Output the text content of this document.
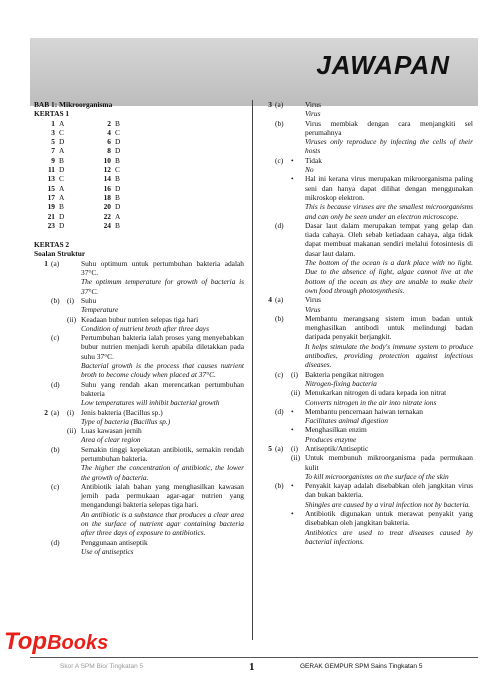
JAWAPAN
BAB 1: Mikroorganisma
KERTAS 1
1 A	2 B
3 C	4 C
5 D	6 D
7 A	8 D
9 B	10 B
11 D	12 C
13 C	14 B
15 A	16 D
17 A	18 B
19 B	20 D
21 D	22 A
23 D	24 B
KERTAS 2
Soalan Struktur
1 (a)	Suhu optimum untuk pertumbuhan bakteria adalah 37°C.
The optimum temperature for growth of bacteria is 37°C.
(b) (i) Suhu
Temperature
(ii) Keadaan bubur nutrien selepas tiga hari
Condition of nutrient broth after three days
(c)	Pertumbuhan bakteria ialah proses yang menyebabkan bubur nutrien menjadi keruh apabila diletakkan pada suhu 37°C.
Bacterial growth is the process that causes nutrient broth to become cloudy when placed at 37°C.
(d)	Suhu yang rendah akan merencatkan pertumbuhan bakteria
Low temperatures will inhibit bacterial growth
2 (a)	(i) Jenis bakteria (Bacillus sp.)
Type of bacteria (Bacillus sp.)
(ii) Luas kawasan jernih
Area of clear region
(b)	Semakin tinggi kepekatan antibiotik, semakin rendah pertumbuhan bakteria.
The higher the concentration of antibiotic, the lower the growth of bacteria.
(c)	Antibiotik ialah bahan yang menghasilkan kawasan jernih pada permukaan agar-agar nutrien yang mengandungi bakteria selepas tiga hari.
An antibiotic is a substance that produces a clear area on the surface of nutrient agar containing bacteria after three days of exposure to antibiotics.
(d)	Penggunaan antiseptik
Use of antiseptics
3 (a)	Virus
Virus
(b)	Virus membiak dengan cara menjangkiti sel perumahnya
Viruses only reproduce by infecting the cells of their hosts
(c)	•	Tidak
No
•	Hal ini kerana virus merupakan mikroorganisma paling seni dan hanya dapat dilihat dengan menggunakan mikroskop elektron.
This is because viruses are the smallest microorganisms and can only be seen under an electron microscope.
(d)	Dasar laut dalam merupakan tempat yang gelap dan tiada cahaya. Oleh sebab ketiadaan cahaya, alga tidak dapat membuat makanan sendiri melalui fotosintesis di dasar laut dalam.
The bottom of the ocean is a dark place with no light. Due to the absence of light, algae cannot live at the bottom of the ocean as they are unable to make their own food through photosynthesis.
4 (a)	Virus
Virus
(b)	Membantu merangsang sistem imun badan untuk menghasilkan antibodi untuk melindungi badan daripada penyakit berjangkit.
It helps stimulate the body's immune system to produce antibodies, providing protection against infectious diseases.
(c)	(i) Bakteria pengikat nitrogen
Nitrogen-fixing bacteria
(ii) Menukarkan nitrogen di udara kepada ion nitrat
Converts nitrogen in the air into nitrate ions
(d) •	Membantu pencernaan haiwan ternakan
Facilitates animal digestion
•	Menghasilkan enzim
Produces enzyme
5 (a)	(i) Antiseptik/Antiseptic
(ii) Untuk membunuh mikroorganisma pada permukaan kulit
To kill microorganisms on the surface of the skin
(b) •	Penyakit kayap adalah disebabkan oleh jangkitan virus dan bukan bakteria.
Shingles are caused by a viral infection not by bacteria.
•	Antibiotik digunakan untuk merawat penyakit yang disebabkan oleh jangkitan bakteria.
Antibiotics are used to treat diseases caused by bacterial infections.
Skor A SPM Bio/ Tingkatan 5	1	GERAK GEMPUR SPM Sains Tingkatan 5
TopBooks
